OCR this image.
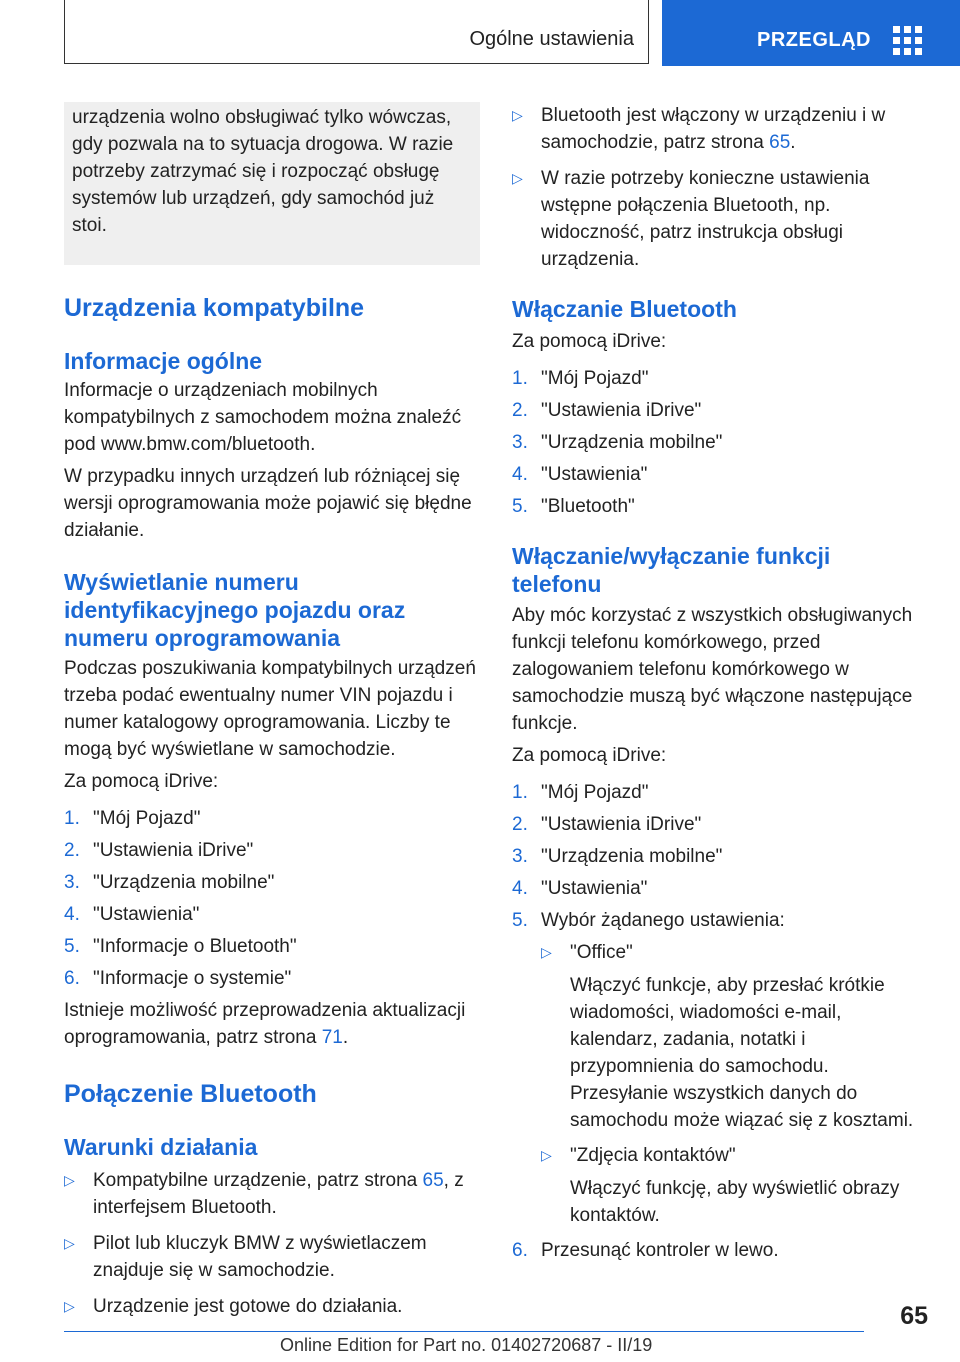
Ogólne ustawienia	PRZEGLĄD
urządzenia wolno obsługiwać tylko wówczas, gdy pozwala na to sytuacja drogowa. W razie potrzeby zatrzymać się i rozpocząć obsługę systemów lub urządzeń, gdy samochód już stoi.
Urządzenia kompatybilne
Informacje ogólne

Informacje o urządzeniach mobilnych kompatybilnych z samochodem można znaleźć pod www.bmw.com/bluetooth.

W przypadku innych urządzeń lub różniącej się wersji oprogramowania może pojawić się błędne działanie.

Wyświetlanie numeru identyfikacyjnego pojazdu oraz numeru oprogramowania

Podczas poszukiwania kompatybilnych urządzeń trzeba podać ewentualny numer VIN pojazdu i numer katalogowy oprogramowania. Liczby te mogą być wyświetlane w samochodzie.

Za pomocą iDrive:

1. "Mój Pojazd"
2. "Ustawienia iDrive"
3. "Urządzenia mobilne"
4. "Ustawienia"
5. "Informacje o Bluetooth"
6. "Informacje o systemie"

Istnieje możliwość przeprowadzenia aktualizacji oprogramowania, patrz strona 71.

Połączenie Bluetooth
Warunki działania
▷ Kompatybilne urządzenie, patrz strona 65, z interfejsem Bluetooth.
▷ Pilot lub kluczyk BMW z wyświetlaczem znajduje się w samochodzie.
▷ Urządzenie jest gotowe do działania.
▷ Bluetooth jest włączony w urządzeniu i w samochodzie, patrz strona 65.
▷ W razie potrzeby konieczne ustawienia wstępne połączenia Bluetooth, np. widoczność, patrz instrukcja obsługi urządzenia.
Włączanie Bluetooth

Za pomocą iDrive:

1. "Mój Pojazd"
2. "Ustawienia iDrive"
3. "Urządzenia mobilne"
4. "Ustawienia"
5. "Bluetooth"
Włączanie/wyłączanie funkcji telefonu

Aby móc korzystać z wszystkich obsługiwanych funkcji telefonu komórkowego, przed zalogowaniem telefonu komórkowego w samochodzie muszą być włączone następujące funkcje.

Za pomocą iDrive:

1. "Mój Pojazd"
2. "Ustawienia iDrive"
3. "Urządzenia mobilne"
4. "Ustawienia"
5. Wybór żądanego ustawienia:
▷ "Office"

Włączyć funkcje, aby przesłać krótkie wiadomości, wiadomości e-mail, kalendarz, zadania, notatki i przypomnienia do samochodu. Przesyłanie wszystkich danych do samochodu może wiązać się z kosztami.

▷ "Zdjęcia kontaktów"

Włączyć funkcję, aby wyświetlić obrazy kontaktów.

6. Przesunąć kontroler w lewo.
65
Online Edition for Part no. 01402720687 - II/19
